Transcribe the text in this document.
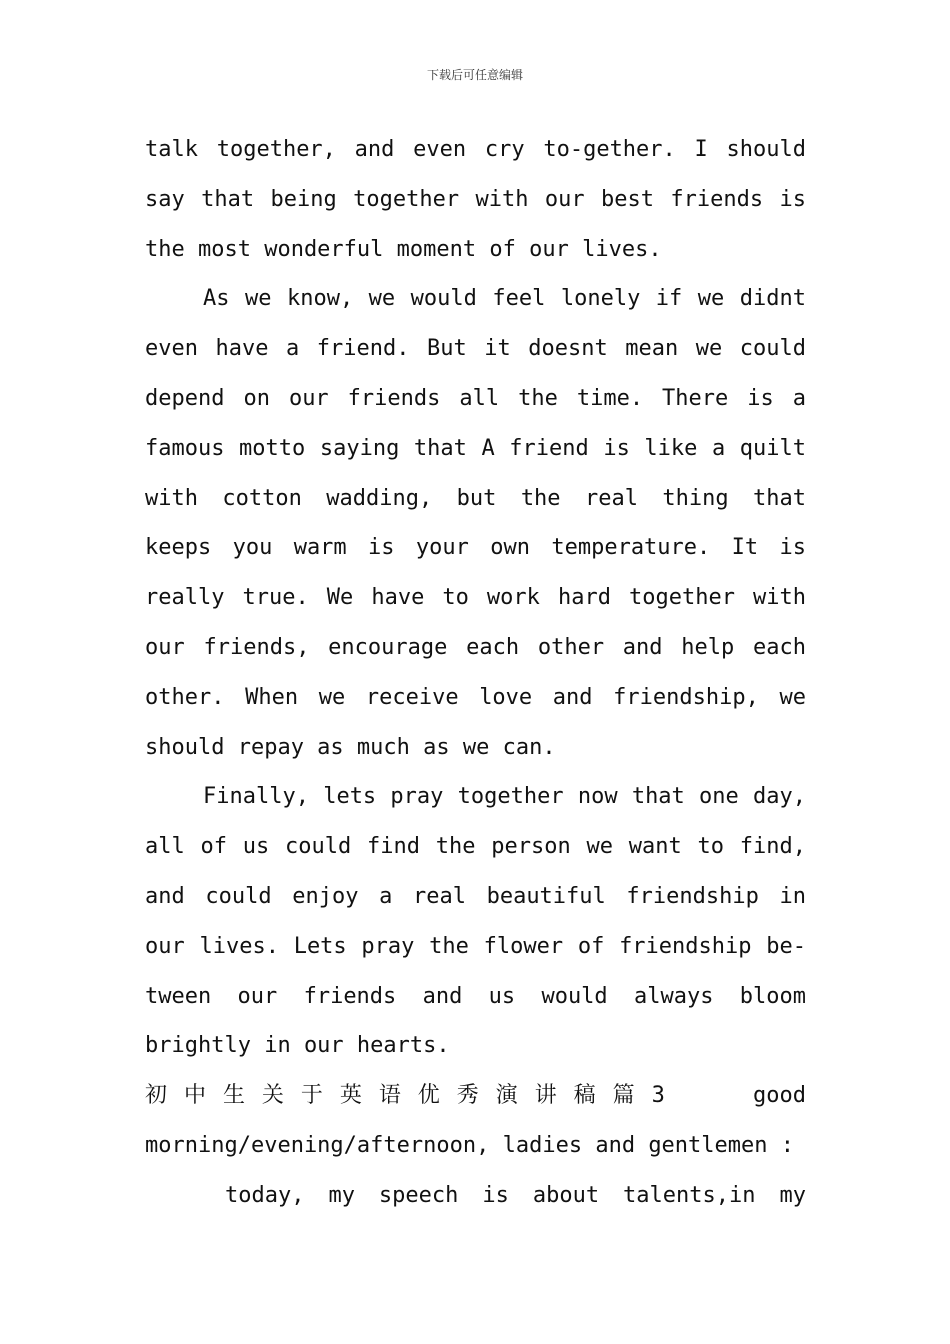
下载后可任意编辑

talk together, and even cry to-gether. I should say that being together with our best friends is the most wonderful moment of our lives.

As we know, we would feel lonely if we didnt even have a friend. But it doesnt mean we could depend on our friends all the time. There is a famous motto saying that A friend is like a quilt with cotton wadding, but the real thing that keeps you warm is your own temperature. It is really true. We have to work hard together with our friends, encourage each other and help each other. When we receive love and friendship, we should repay as much as we can.

Finally, lets pray together now that one day, all of us could find the person we want to find, and could enjoy a real beautiful friendship in our lives. Lets pray the flower of friendship be-tween our friends and us would always bloom brightly in our hearts.

初 中 生 关 于 英 语 优 秀 演 讲 稿 篇 3	good

morning/evening/afternoon, ladies and gentlemen :

today, my speech is about talents,in my
